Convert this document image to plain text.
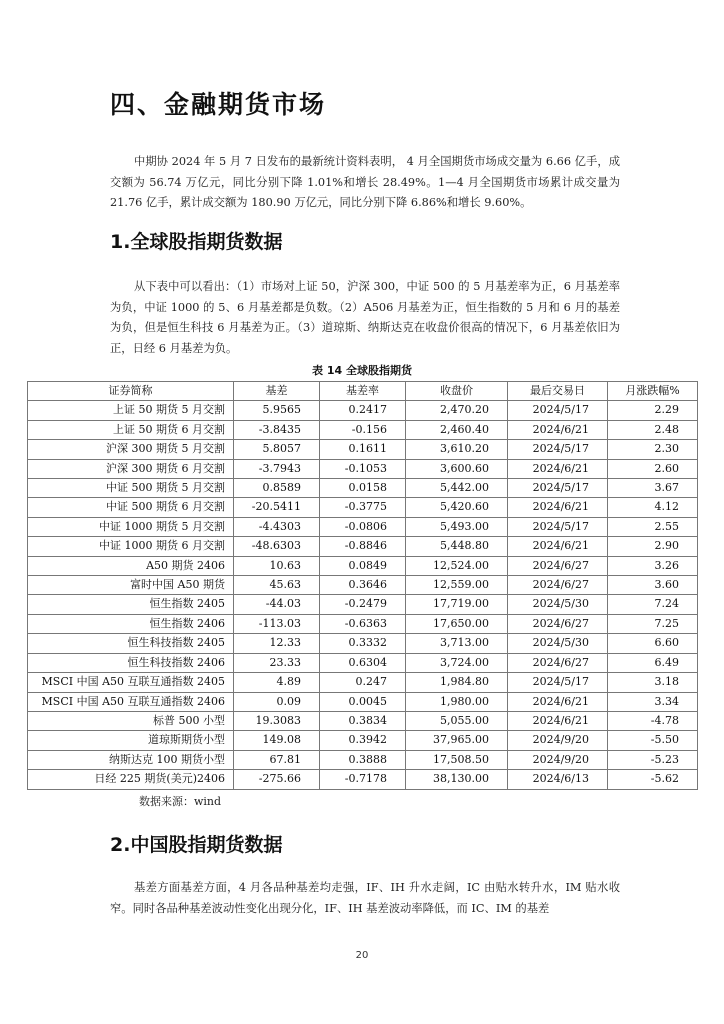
四、金融期货市场
中期协 2024 年 5 月 7 日发布的最新统计资料表明， 4 月全国期货市场成交量为 6.66 亿手，成交额为 56.74 万亿元，同比分别下降 1.01%和增长 28.49%。1—4 月全国期货市场累计成交量为 21.76 亿手，累计成交额为 180.90 万亿元，同比分别下降 6.86%和增长 9.60%。
1.全球股指期货数据
从下表中可以看出：（1）市场对上证 50，沪深 300，中证 500 的 5 月基差率为正，6 月基差率为负，中证 1000 的 5、6 月基差都是负数。（2）A506 月基差为正，恒生指数的 5 月和 6 月的基差为负，但是恒生科技 6 月基差为正。（3）道琼斯、纳斯达克在收盘价很高的情况下，6 月基差依旧为正，日经 6 月基差为负。
表 14 全球股指期货
证券简称	基差	基差率	收盘价	最后交易日	月涨跌幅%
上证 50 期货 5 月交割	5.9565	0.2417	2,470.20	2024/5/17	2.29
上证 50 期货 6 月交割	-3.8435	-0.156	2,460.40	2024/6/21	2.48
沪深 300 期货 5 月交割	5.8057	0.1611	3,610.20	2024/5/17	2.30
沪深 300 期货 6 月交割	-3.7943	-0.1053	3,600.60	2024/6/21	2.60
中证 500 期货 5 月交割	0.8589	0.0158	5,442.00	2024/5/17	3.67
中证 500 期货 6 月交割	-20.5411	-0.3775	5,420.60	2024/6/21	4.12
中证 1000 期货 5 月交割	-4.4303	-0.0806	5,493.00	2024/5/17	2.55
中证 1000 期货 6 月交割	-48.6303	-0.8846	5,448.80	2024/6/21	2.90
A50 期货 2406	10.63	0.0849	12,524.00	2024/6/27	3.26
富时中国 A50 期货	45.63	0.3646	12,559.00	2024/6/27	3.60
恒生指数 2405	-44.03	-0.2479	17,719.00	2024/5/30	7.24
恒生指数 2406	-113.03	-0.6363	17,650.00	2024/6/27	7.25
恒生科技指数 2405	12.33	0.3332	3,713.00	2024/5/30	6.60
恒生科技指数 2406	23.33	0.6304	3,724.00	2024/6/27	6.49
MSCI 中国 A50 互联互通指数 2405	4.89	0.247	1,984.80	2024/5/17	3.18
MSCI 中国 A50 互联互通指数 2406	0.09	0.0045	1,980.00	2024/6/21	3.34
标普 500 小型	19.3083	0.3834	5,055.00	2024/6/21	-4.78
道琼斯期货小型	149.08	0.3942	37,965.00	2024/9/20	-5.50
纳斯达克 100 期货小型	67.81	0.3888	17,508.50	2024/9/20	-5.23
日经 225 期货(美元)2406	-275.66	-0.7178	38,130.00	2024/6/13	-5.62
数据来源：wind
2.中国股指期货数据
基差方面基差方面，4 月各品种基差均走强，IF、IH 升水走阔，IC 由贴水转升水，IM 贴水收窄。同时各品种基差波动性变化出现分化，IF、IH 基差波动率降低，而 IC、IM 的基差
20
